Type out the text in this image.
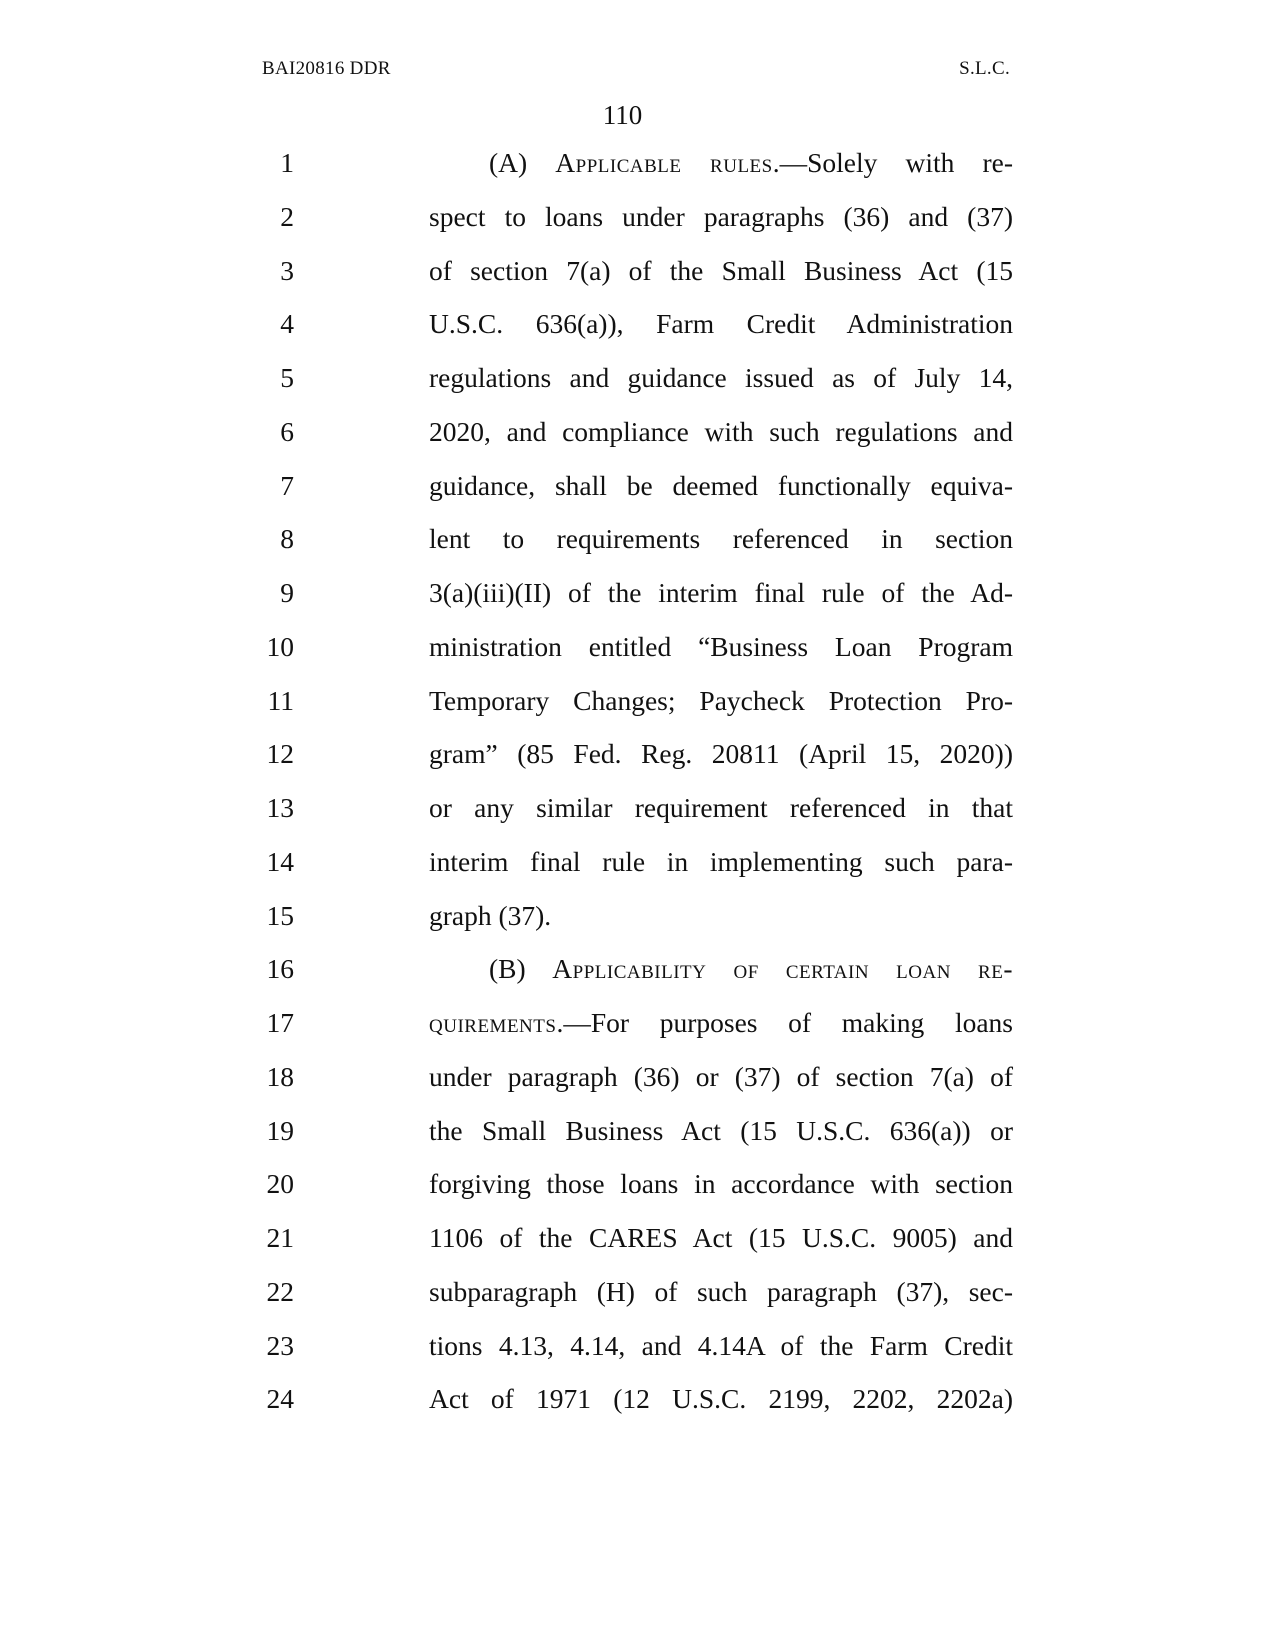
BAI20816 DDR	S.L.C.
110
1	(A) Applicable rules.—Solely with re-
2	spect to loans under paragraphs (36) and (37)
3	of section 7(a) of the Small Business Act (15
4	U.S.C. 636(a)), Farm Credit Administration
5	regulations and guidance issued as of July 14,
6	2020, and compliance with such regulations and
7	guidance, shall be deemed functionally equiva-
8	lent to requirements referenced in section
9	3(a)(iii)(II) of the interim final rule of the Ad-
10	ministration entitled “Business Loan Program
11	Temporary Changes; Paycheck Protection Pro-
12	gram” (85 Fed. Reg. 20811 (April 15, 2020))
13	or any similar requirement referenced in that
14	interim final rule in implementing such para-
15	graph (37).
16	(B) Applicability of certain loan re-
17	quirements.—For purposes of making loans
18	under paragraph (36) or (37) of section 7(a) of
19	the Small Business Act (15 U.S.C. 636(a)) or
20	forgiving those loans in accordance with section
21	1106 of the CARES Act (15 U.S.C. 9005) and
22	subparagraph (H) of such paragraph (37), sec-
23	tions 4.13, 4.14, and 4.14A of the Farm Credit
24	Act of 1971 (12 U.S.C. 2199, 2202, 2202a)
